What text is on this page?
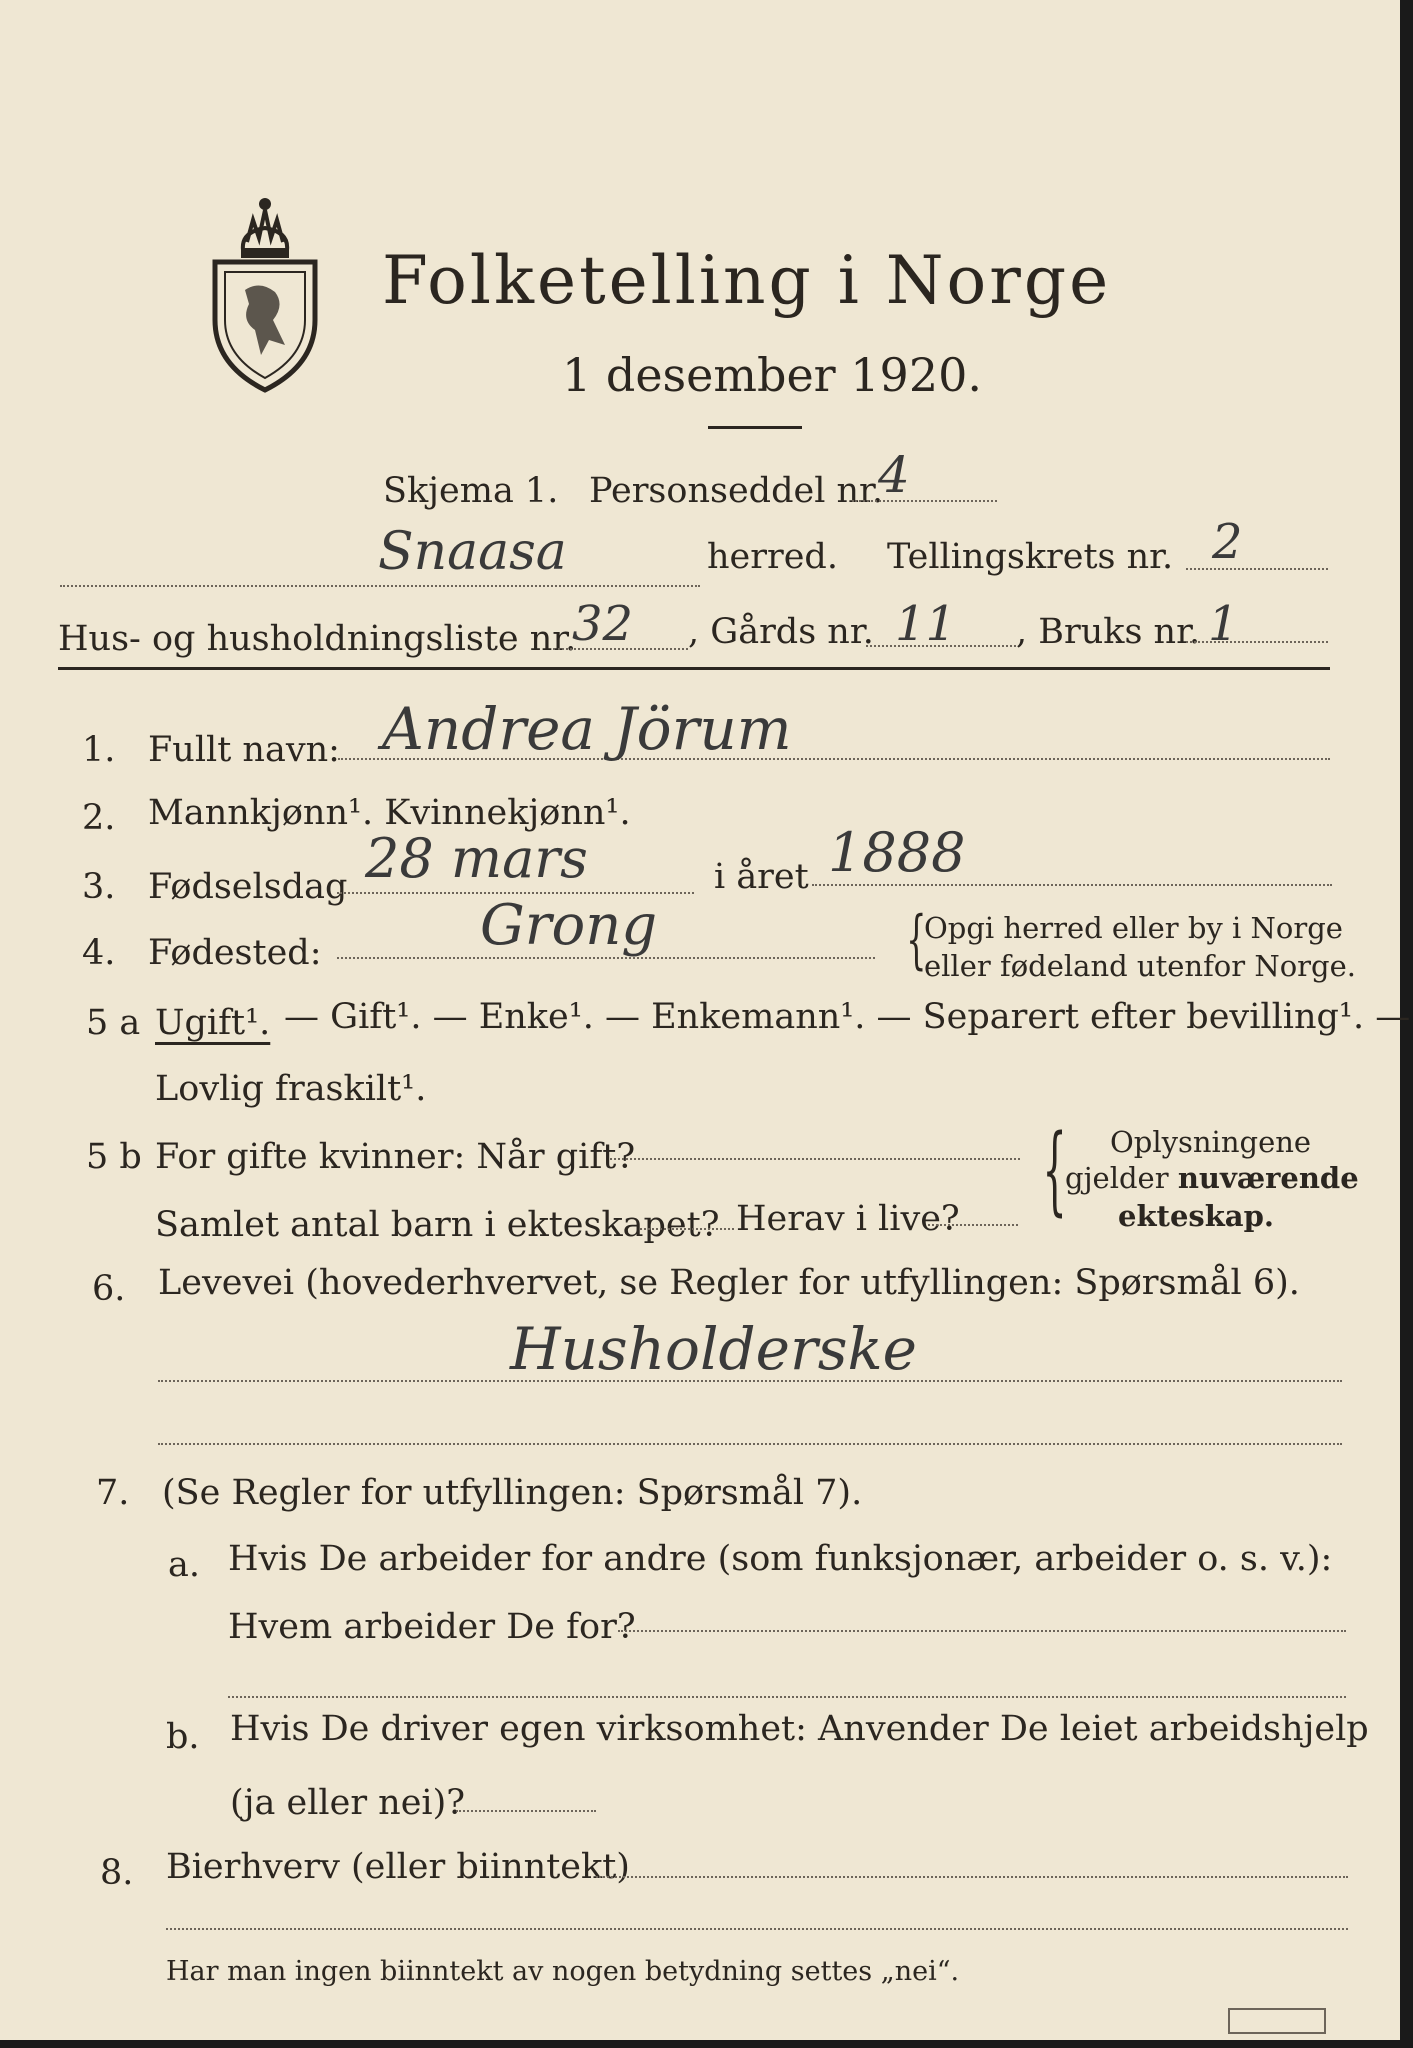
Folketelling i Norge
1 desember 1920.
Skjema 1. Personseddel nr.
4
Snaasa	herred. Tellingskrets nr. 2
Hus- og husholdningsliste nr.
32 , Gårds nr. 11 , Bruks nr. 1
1. Fullt navn: Andrea Jörum
2. Mannkjønn¹. Kvinnekjønn¹.
3. Fødselsdag 28 mars	i året 1888
4. Fødested:	Grong	{
Opgi herred eller by i Norge
eller fødeland utenfor Norge.
5 a Ugift¹. — Gift¹. — Enke¹. — Enkemann¹. — Separert efter bevilling¹. —
Lovlig fraskilt¹.
5 b For gifte kvinner: Når gift?
Samlet antal barn i ekteskapet? Herav i live? { Oplysningene
gjelder nuværende
ekteskap.
6. Levevei (hovederhvervet, se Regler for utfyllingen: Spørsmål 6).
Husholderske
7. (Se Regler for utfyllingen: Spørsmål 7).
a. Hvis De arbeider for andre (som funksjonær, arbeider o. s. v.):
Hvem arbeider De for?
b. Hvis De driver egen virksomhet: Anvender De leiet arbeidshjelp
(ja eller nei)?
8. Bierhverv (eller biinntekt)
Har man ingen biinntekt av nogen betydning settes „nei“.
